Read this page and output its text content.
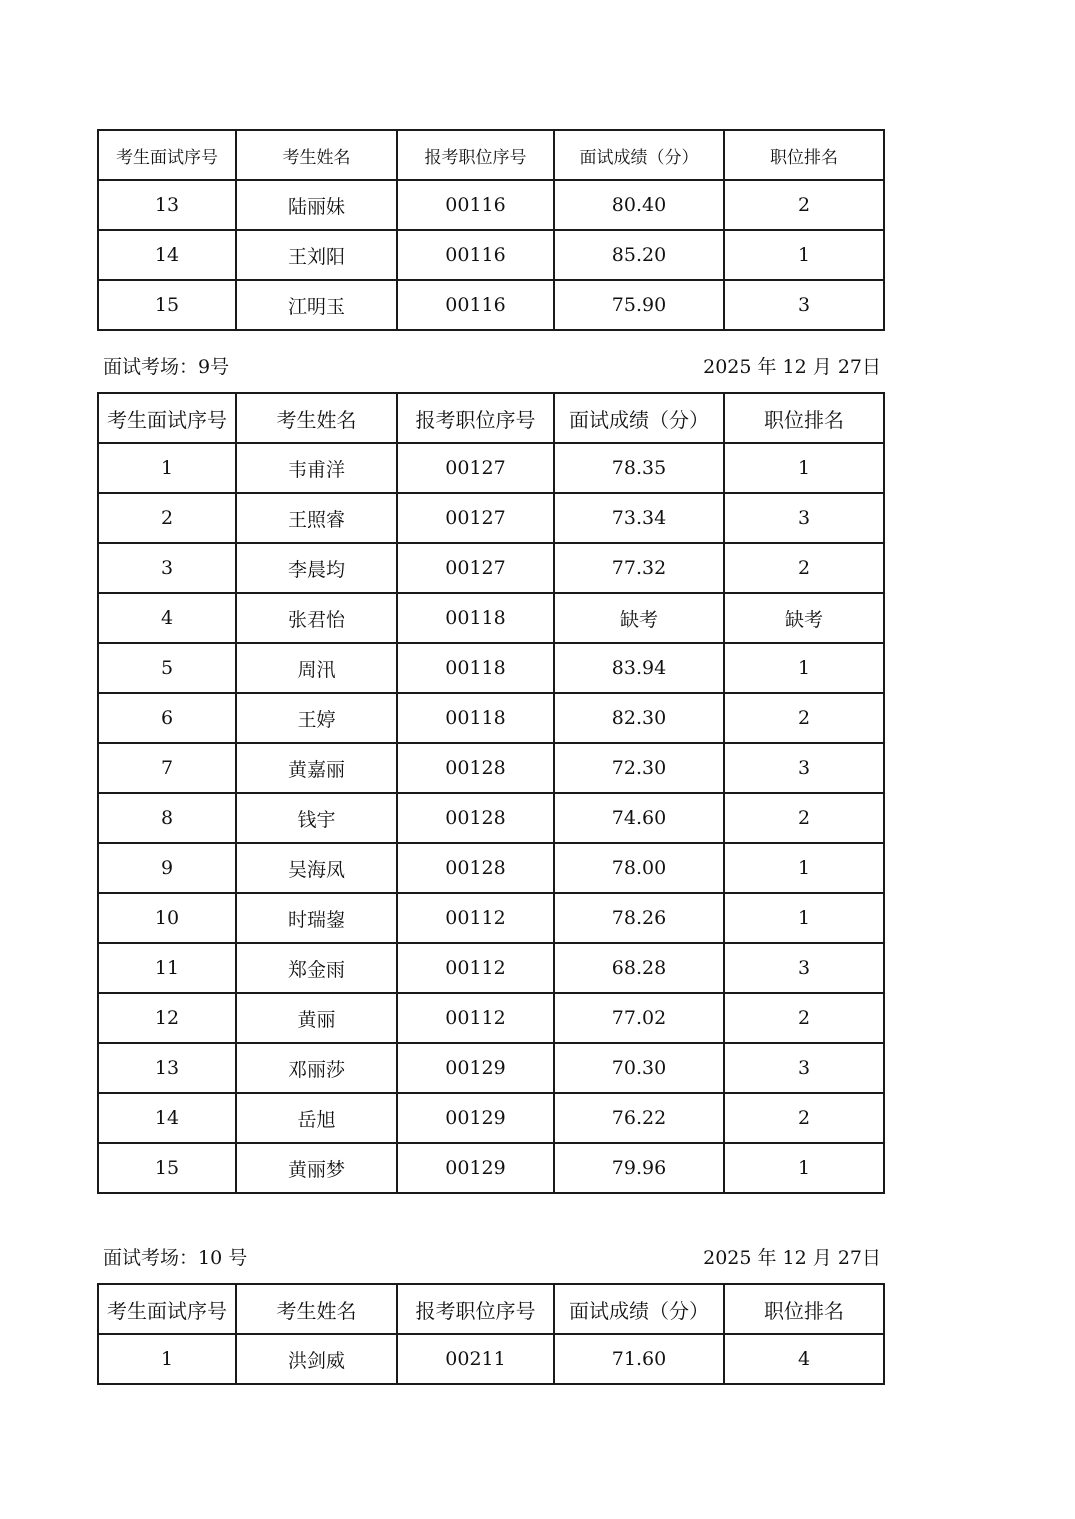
考生面试序号	考生姓名	报考职位序号	面试成绩（分）	职位排名
13	陆丽妹	00116	80.40	2
14	王刘阳	00116	85.20	1
15	江明玉	00116	75.90	3
面试考场：9号	2025 年 12 月 27日
考生面试序号	考生姓名	报考职位序号	面试成绩（分）	职位排名
1	韦甫洋	00127	78.35	1
2	王照睿	00127	73.34	3
3	李晨均	00127	77.32	2
4	张君怡	00118	缺考	缺考
5	周汛	00118	83.94	1
6	王婷	00118	82.30	2
7	黄嘉丽	00128	72.30	3
8	钱宇	00128	74.60	2
9	吴海凤	00128	78.00	1
10	时瑞鋆	00112	78.26	1
11	郑金雨	00112	68.28	3
12	黄丽	00112	77.02	2
13	邓丽莎	00129	70.30	3
14	岳旭	00129	76.22	2
15	黄丽梦	00129	79.96	1
面试考场：10 号	2025 年 12 月 27日
考生面试序号	考生姓名	报考职位序号	面试成绩（分）	职位排名
1	洪剑威	00211	71.60	4
